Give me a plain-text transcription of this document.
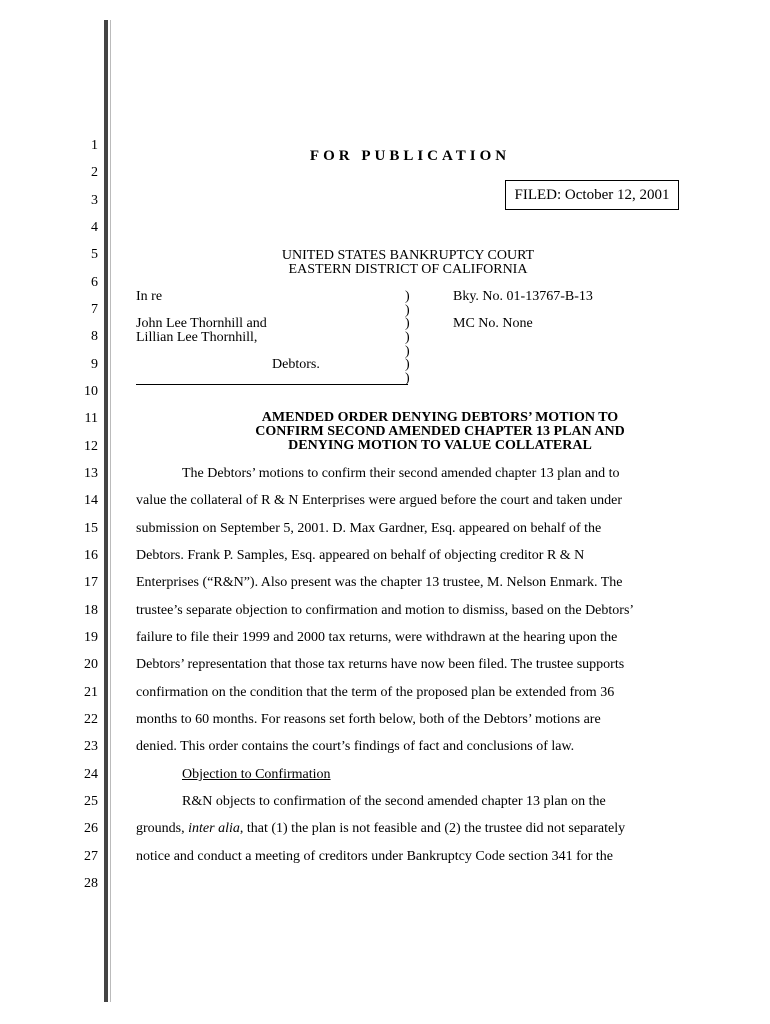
1
2
3
4
5
6
7
8
9
10
11
12
13
14
15
16
17
18
19
20
21
22
23
24
25
26
27
28
FOR PUBLICATION
FILED: October 12, 2001
UNITED STATES BANKRUPTCY COURT
EASTERN DISTRICT OF CALIFORNIA
In re
John Lee Thornhill and
Lillian Lee Thornhill,
Debtors.
)
)
)
)
)
)
)
Bky. No. 01-13767-B-13
MC No. None
AMENDED ORDER DENYING DEBTORS’ MOTION TO
CONFIRM SECOND AMENDED CHAPTER 13 PLAN AND
DENYING MOTION TO VALUE COLLATERAL
The Debtors’ motions to confirm their second amended chapter 13 plan and to
value the collateral of R & N Enterprises were argued before the court and taken under
submission on September 5, 2001. D. Max Gardner, Esq. appeared on behalf of the
Debtors. Frank P. Samples, Esq. appeared on behalf of objecting creditor R & N
Enterprises (“R&N”). Also present was the chapter 13 trustee, M. Nelson Enmark. The
trustee’s separate objection to confirmation and motion to dismiss, based on the Debtors’
failure to file their 1999 and 2000 tax returns, were withdrawn at the hearing upon the
Debtors’ representation that those tax returns have now been filed. The trustee supports
confirmation on the condition that the term of the proposed plan be extended from 36
months to 60 months. For reasons set forth below, both of the Debtors’ motions are
denied. This order contains the court’s findings of fact and conclusions of law.
Objection to Confirmation
R&N objects to confirmation of the second amended chapter 13 plan on the
grounds, inter alia, that (1) the plan is not feasible and (2) the trustee did not separately
notice and conduct a meeting of creditors under Bankruptcy Code section 341 for the
